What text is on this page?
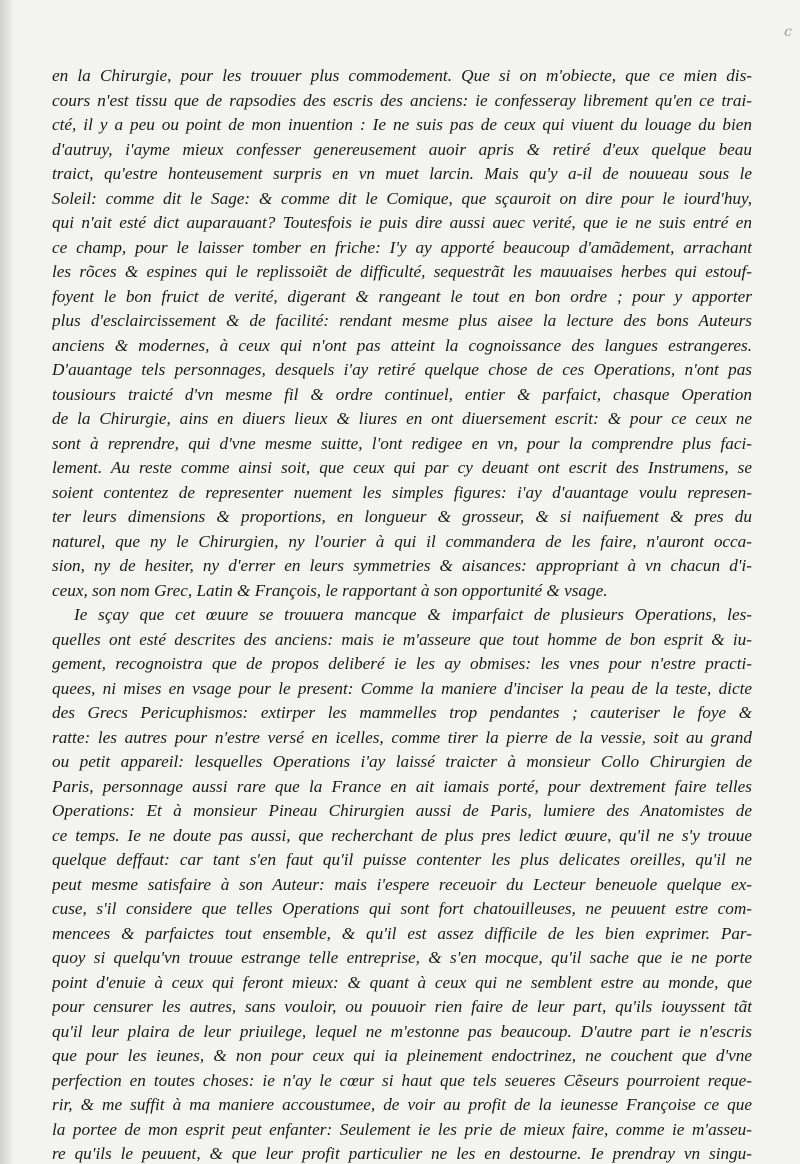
c
en la Chirurgie, pour les trouuer plus commodement. Que si on m'obiecte, que ce mien dis-
cours n'est tissu que de rapsodies des escris des anciens: ie confesseray librement qu'en ce trai-
cté, il y a peu ou point de mon inuention : Ie ne suis pas de ceux qui viuent du louage du bien
d'autruy, i'ayme mieux confesser genereusement auoir apris & retiré d'eux quelque beau
traict, qu'estre honteusement surpris en vn muet larcin. Mais qu'y a-il de nouueau sous le
Soleil: comme dit le Sage: & comme dit le Comique, que sçauroit on dire pour le iourd'huy,
qui n'ait esté dict auparauant? Toutesfois ie puis dire aussi auec verité, que ie ne suis entré en
ce champ, pour le laisser tomber en friche: I'y ay apporté beaucoup d'amãdement, arrachant
les rõces & espines qui le replissoiẽt de difficulté, sequestrãt les mauuaises herbes qui estouf-
foyent le bon fruict de verité, digerant & rangeant le tout en bon ordre ; pour y apporter
plus d'esclaircissement & de facilité: rendant mesme plus aisee la lecture des bons Auteurs
anciens & modernes, à ceux qui n'ont pas atteint la cognoissance des langues estrangeres.
D'auantage tels personnages, desquels i'ay retiré quelque chose de ces Operations, n'ont pas
tousiours traicté d'vn mesme fil & ordre continuel, entier & parfaict, chasque Operation
de la Chirurgie, ains en diuers lieux & liures en ont diuersement escrit: & pour ce ceux ne
sont à reprendre, qui d'vne mesme suitte, l'ont redigee en vn, pour la comprendre plus faci-
lement. Au reste comme ainsi soit, que ceux qui par cy deuant ont escrit des Instrumens, se
soient contentez de representer nuement les simples figures: i'ay d'auantage voulu represen-
ter leurs dimensions & proportions, en longueur & grosseur, & si naifuement & pres du
naturel, que ny le Chirurgien, ny l'ourier à qui il commandera de les faire, n'auront occa-
sion, ny de hesiter, ny d'errer en leurs symmetries & aisances: appropriant à vn chacun d'i-
ceux, son nom Grec, Latin & François, le rapportant à son opportunité & vsage.
Ie sçay que cet œuure se trouuera mancque & imparfaict de plusieurs Operations, les-
quelles ont esté descrites des anciens: mais ie m'asseure que tout homme de bon esprit & iu-
gement, recognoistra que de propos deliberé ie les ay obmises: les vnes pour n'estre practi-
quees, ni mises en vsage pour le present: Comme la maniere d'inciser la peau de la teste, dicte
des Grecs Pericuphismos: extirper les mammelles trop pendantes ; cauteriser le foye &
ratte: les autres pour n'estre versé en icelles, comme tirer la pierre de la vessie, soit au grand
ou petit appareil: lesquelles Operations i'ay laissé traicter à monsieur Collo Chirurgien de
Paris, personnage aussi rare que la France en ait iamais porté, pour dextrement faire telles
Operations: Et à monsieur Pineau Chirurgien aussi de Paris, lumiere des Anatomistes de
ce temps. Ie ne doute pas aussi, que recherchant de plus pres ledict œuure, qu'il ne s'y trouue
quelque deffaut: car tant s'en faut qu'il puisse contenter les plus delicates oreilles, qu'il ne
peut mesme satisfaire à son Auteur: mais i'espere receuoir du Lecteur beneuole quelque ex-
cuse, s'il considere que telles Operations qui sont fort chatouilleuses, ne peuuent estre com-
mencees & parfaictes tout ensemble, & qu'il est assez difficile de les bien exprimer. Par-
quoy si quelqu'vn trouue estrange telle entreprise, & s'en mocque, qu'il sache que ie ne porte
point d'enuie à ceux qui feront mieux: & quant à ceux qui ne semblent estre au monde, que
pour censurer les autres, sans vouloir, ou pouuoir rien faire de leur part, qu'ils iouyssent tãt
qu'il leur plaira de leur priuilege, lequel ne m'estonne pas beaucoup. D'autre part ie n'escris
que pour les ieunes, & non pour ceux qui ia pleinement endoctrinez, ne couchent que d'vne
perfection en toutes choses: ie n'ay le cœur si haut que tels seueres Cẽseurs pourroient reque-
rir, & me suffit à ma maniere accoustumee, de voir au profit de la ieunesse Françoise ce que
la portee de mon esprit peut enfanter: Seulement ie les prie de mieux faire, comme ie m'asseu-
re qu'ils le peuuent, & que leur profit particulier ne les en destourne. Ie prendray vn singu-
